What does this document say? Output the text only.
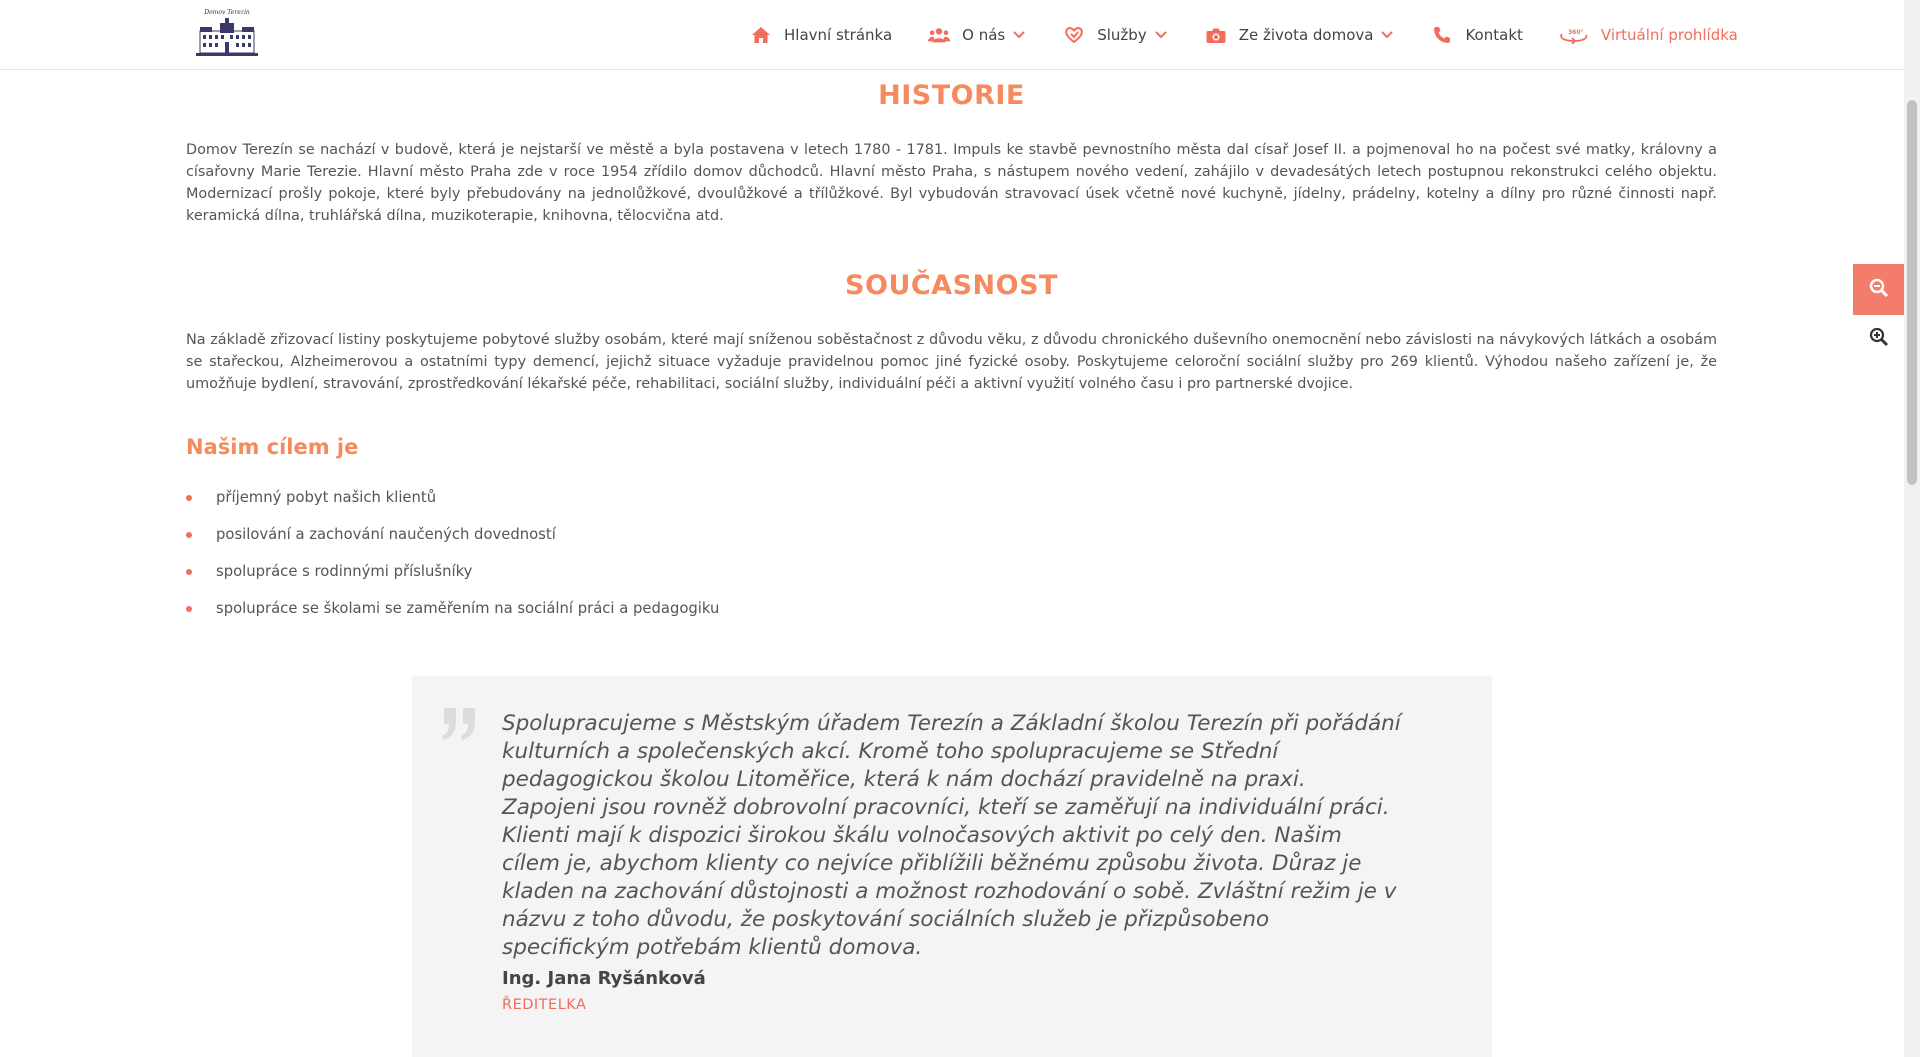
Domov Terezín
Hlavní stránka	O nás	Služby	Ze života domova	Kontakt	360° Virtuální prohlídka
HISTORIE

Domov Terezín se nachází v budově, která je nejstarší ve městě a byla postavena v letech 1780 - 1781. Impuls ke stavbě pevnostního města dal císař Josef II. a pojmenoval ho na počest své matky, královny a císařovny Marie Terezie. Hlavní město Praha zde v roce 1954 zřídilo domov důchodců. Hlavní město Praha, s nástupem nového vedení, zahájilo v devadesátých letech postupnou rekonstrukci celého objektu. Modernizací prošly pokoje, které byly přebudovány na jednolůžkové, dvoulůžkové a třílůžkové. Byl vybudován stravovací úsek včetně nové kuchyně, jídelny, prádelny, kotelny a dílny pro různé činnosti např. keramická dílna, truhlářská dílna, muzikoterapie, knihovna, tělocvična atd.

SOUČASNOST

Na základě zřizovací listiny poskytujeme pobytové služby osobám, které mají sníženou soběstačnost z důvodu věku, z důvodu chronického duševního onemocnění nebo závislosti na návykových látkách a osobám se stařeckou, Alzheimerovou a ostatními typy demencí, jejichž situace vyžaduje pravidelnou pomoc jiné fyzické osoby. Poskytujeme celoroční sociální služby pro 269 klientů. Výhodou našeho zařízení je, že umožňuje bydlení, stravování, zprostředkování lékařské péče, rehabilitaci, sociální služby, individuální péči a aktivní využití volného času i pro partnerské dvojice.

Našim cílem je
příjemný pobyt našich klientů
posilování a zachování naučených dovedností
spolupráce s rodinnými příslušníky
spolupráce se školami se zaměřením na sociální práci a pedagogiku

Spolupracujeme s Městským úřadem Terezín a Základní školou Terezín při pořádání kulturních a společenských akcí. Kromě toho spolupracujeme se Střední pedagogickou školou Litoměřice, která k nám dochází pravidelně na praxi. Zapojeni jsou rovněž dobrovolní pracovníci, kteří se zaměřují na individuální práci. Klienti mají k dispozici širokou škálu volnočasových aktivit po celý den. Našim cílem je, abychom klienty co nejvíce přiblížili běžnému způsobu života. Důraz je kladen na zachování důstojnosti a možnost rozhodování o sobě. Zvláštní režim je v názvu z toho důvodu, že poskytování sociálních služeb je přizpůsobeno specifickým potřebám klientů domova.

Ing. Jana Ryšánková
ŘEDITELKA
